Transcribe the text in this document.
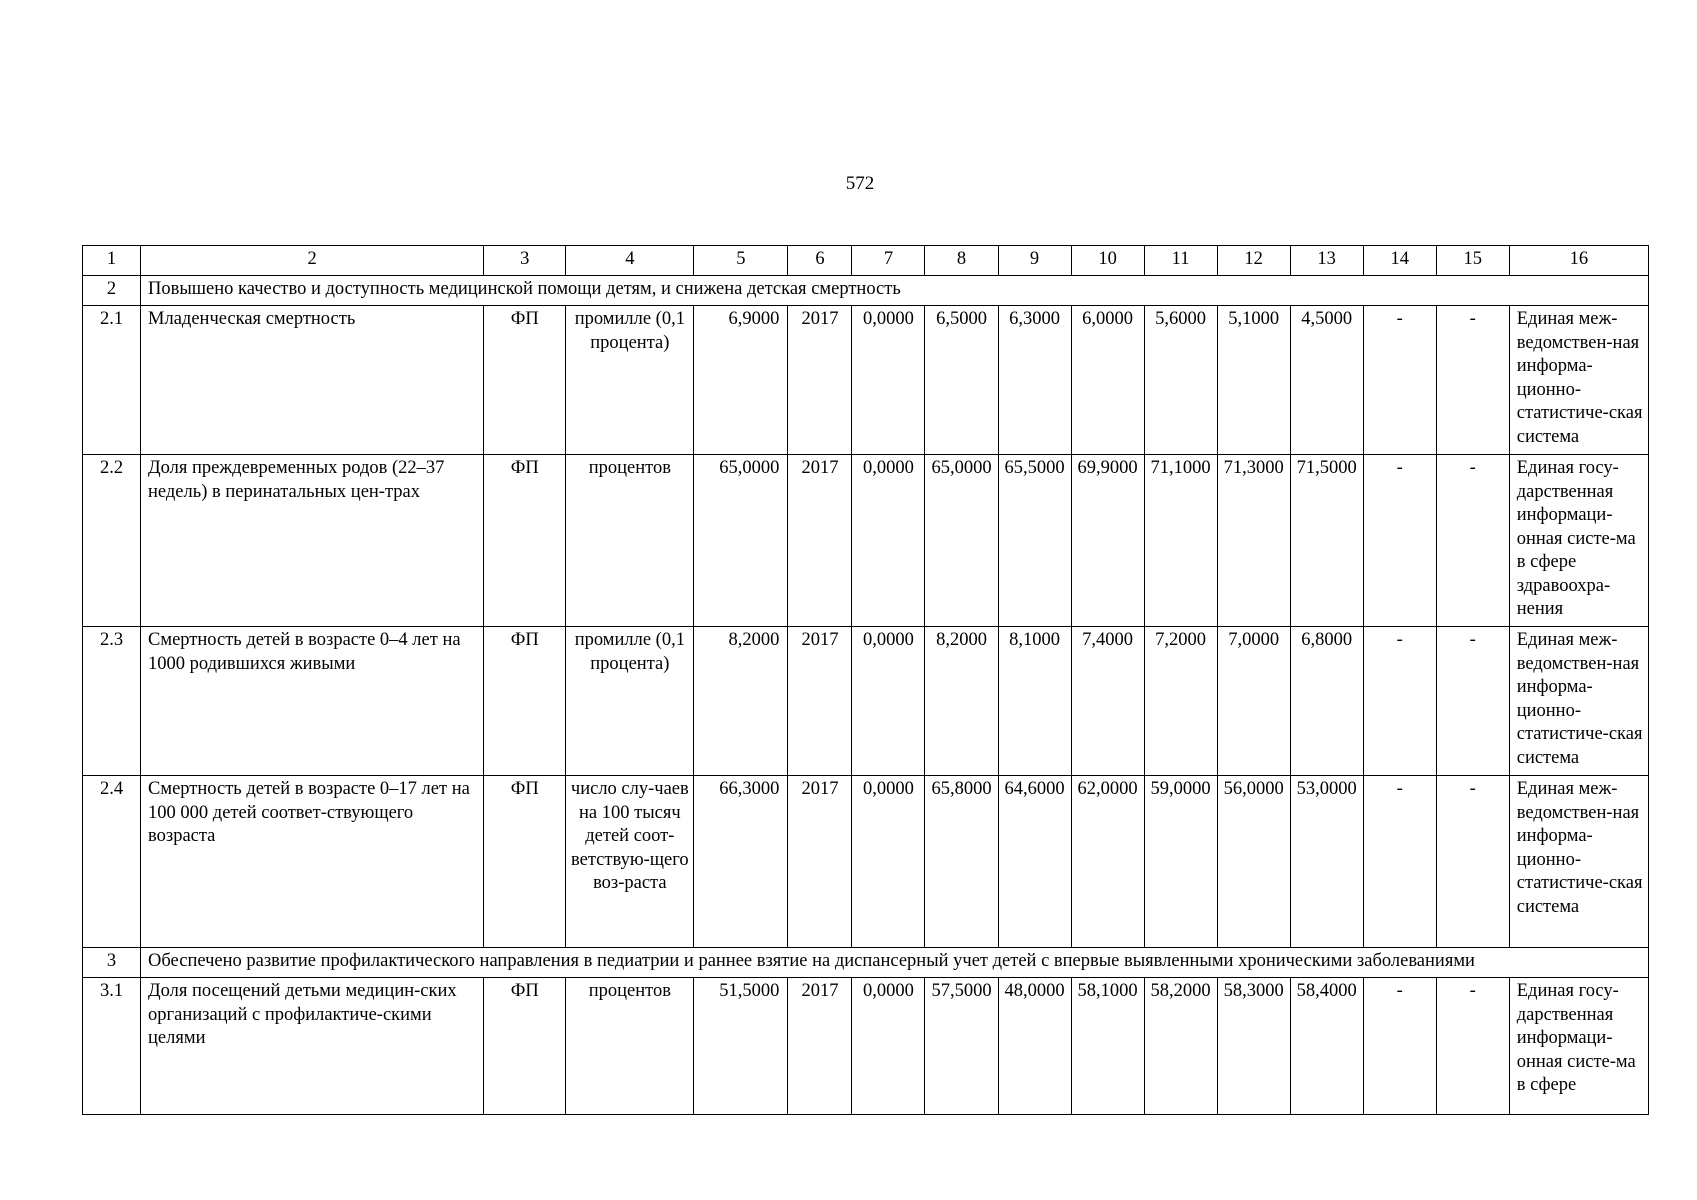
572
1	2	3	4	5	6	7	8	9	10	11	12	13	14	15	16
2	Повышено качество и доступность медицинской помощи детям, и снижена детская смертность														
2.1	Младенческая смертность	ФП	промилле (0,1 процента)	6,9000	2017	0,0000	6,5000	6,3000	6,0000	5,6000	5,1000	4,5000	-	-	Единая меж-ведомствен-ная информа-ционно-статистиче-ская система
2.2	Доля преждевременных родов (22–37 недель) в перинатальных цен-трах	ФП	процентов	65,0000	2017	0,0000	65,0000	65,5000	69,9000	71,1000	71,3000	71,5000	-	-	Единая госу-дарственная информаци-онная систе-ма в сфере здравоохра-нения
2.3	Смертность детей в возрасте 0–4 лет на 1000 родившихся живыми	ФП	промилле (0,1 процента)	8,2000	2017	0,0000	8,2000	8,1000	7,4000	7,2000	7,0000	6,8000	-	-	Единая меж-ведомствен-ная информа-ционно-статистиче-ская система
2.4	Смертность детей в возрасте 0–17 лет на 100 000 детей соответ-ствующего возраста	ФП	число слу-чаев на 100 тысяч детей соот-ветствую-щего воз-раста	66,3000	2017	0,0000	65,8000	64,6000	62,0000	59,0000	56,0000	53,0000	-	-	Единая меж-ведомствен-ная информа-ционно-статистиче-ская система
3	Обеспечено развитие профилактического направления в педиатрии и раннее взятие на диспансерный учет детей с впервые выявленными хроническими заболеваниями														
3.1	Доля посещений детьми медицин-ских организаций с профилактиче-скими целями	ФП	процентов	51,5000	2017	0,0000	57,5000	48,0000	58,1000	58,2000	58,3000	58,4000	-	-	Единая госу-дарственная информаци-онная систе-ма в сфере
